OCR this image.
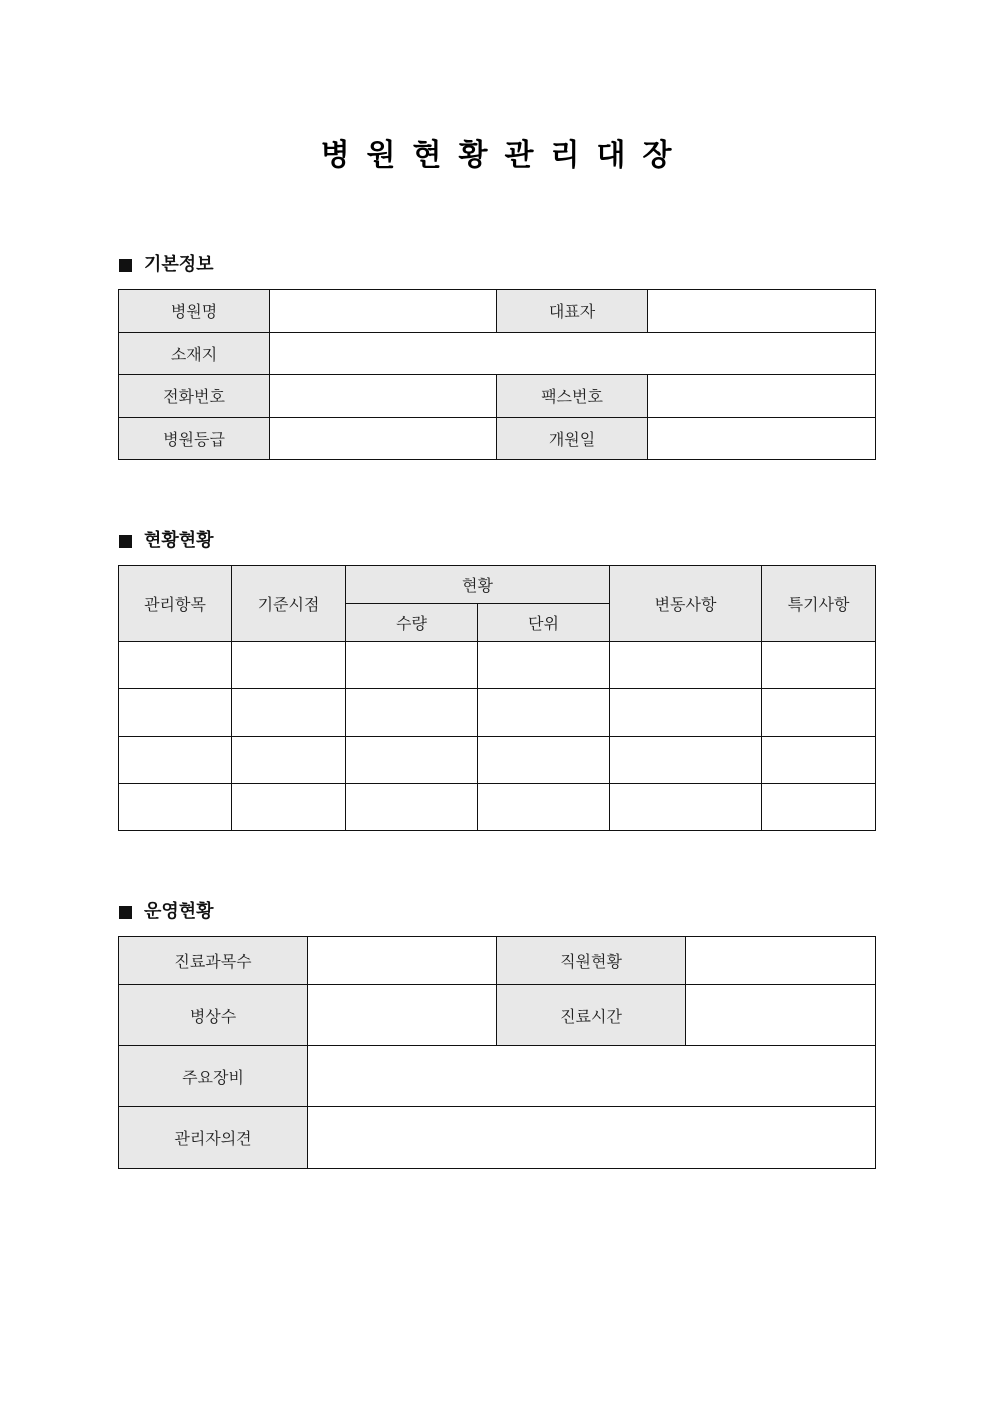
병원현황관리대장
기본정보
병원명		대표자	
소재지			
전화번호		팩스번호	
병원등급		개원일	
현황현황
관리항목	기준시점	현황		변동사항	특기사항
		수량	단위		

운영현황
진료과목수		직원현황	
병상수		진료시간	
주요장비			
관리자의견			
